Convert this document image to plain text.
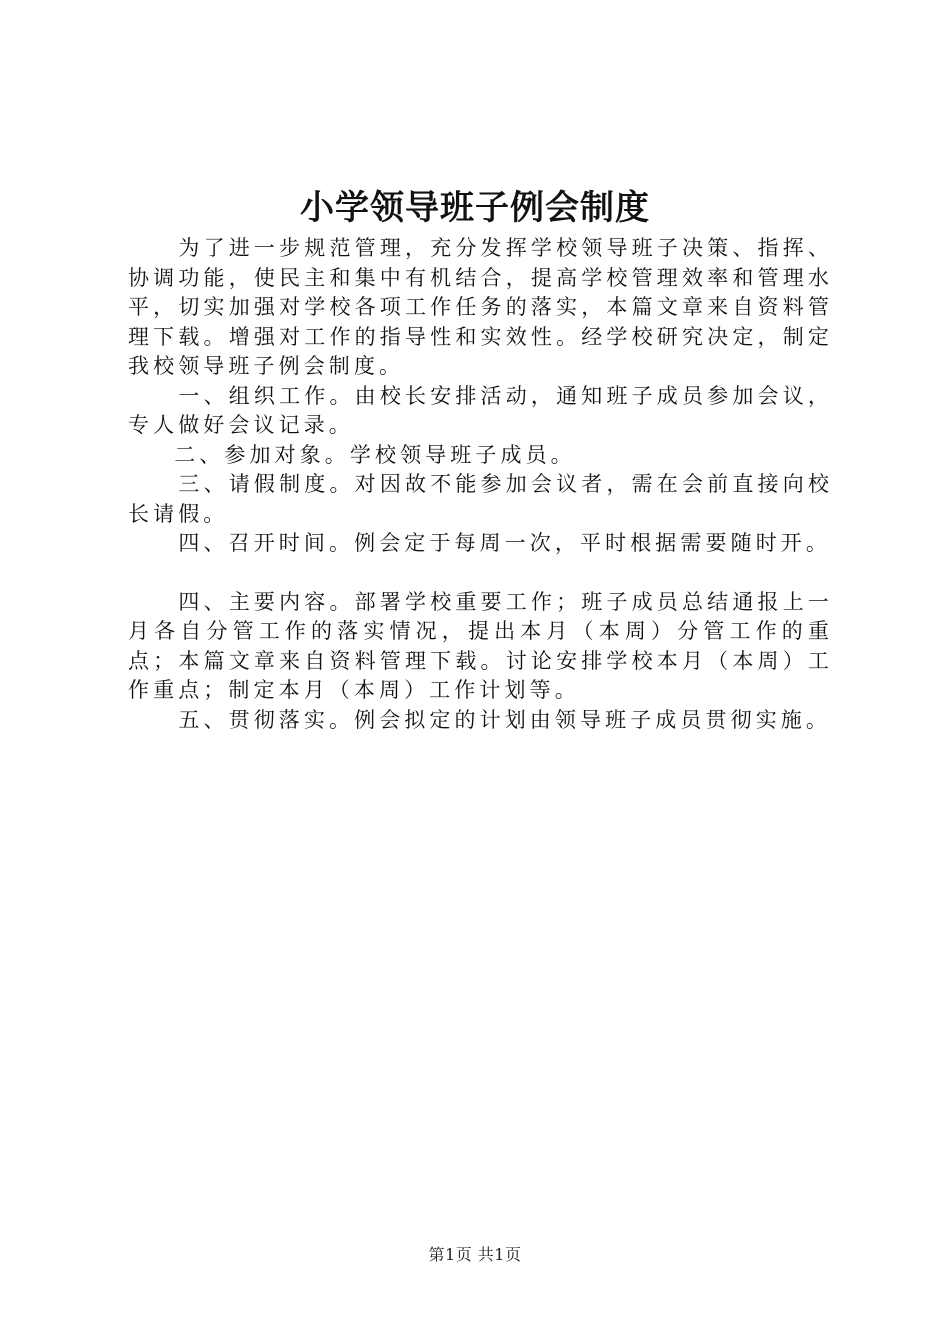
小学领导班子例会制度

为了进一步规范管理，充分发挥学校领导班子决策、指挥、协调功能，使民主和集中有机结合，提高学校管理效率和管理水平，切实加强对学校各项工作任务的落实，本篇文章来自资料管理下载。增强对工作的指导性和实效性。经学校研究决定，制定我校领导班子例会制度。

一、组织工作。由校长安排活动，通知班子成员参加会议，专人做好会议记录。

二、参加对象。学校领导班子成员。

三、请假制度。对因故不能参加会议者，需在会前直接向校长请假。

四、召开时间。例会定于每周一次，平时根据需要随时开。

四、主要内容。部署学校重要工作；班子成员总结通报上一月各自分管工作的落实情况，提出本月（本周）分管工作的重点；本篇文章来自资料管理下载。讨论安排学校本月（本周）工作重点；制定本月（本周）工作计划等。

五、贯彻落实。例会拟定的计划由领导班子成员贯彻实施。

第1页 共1页
